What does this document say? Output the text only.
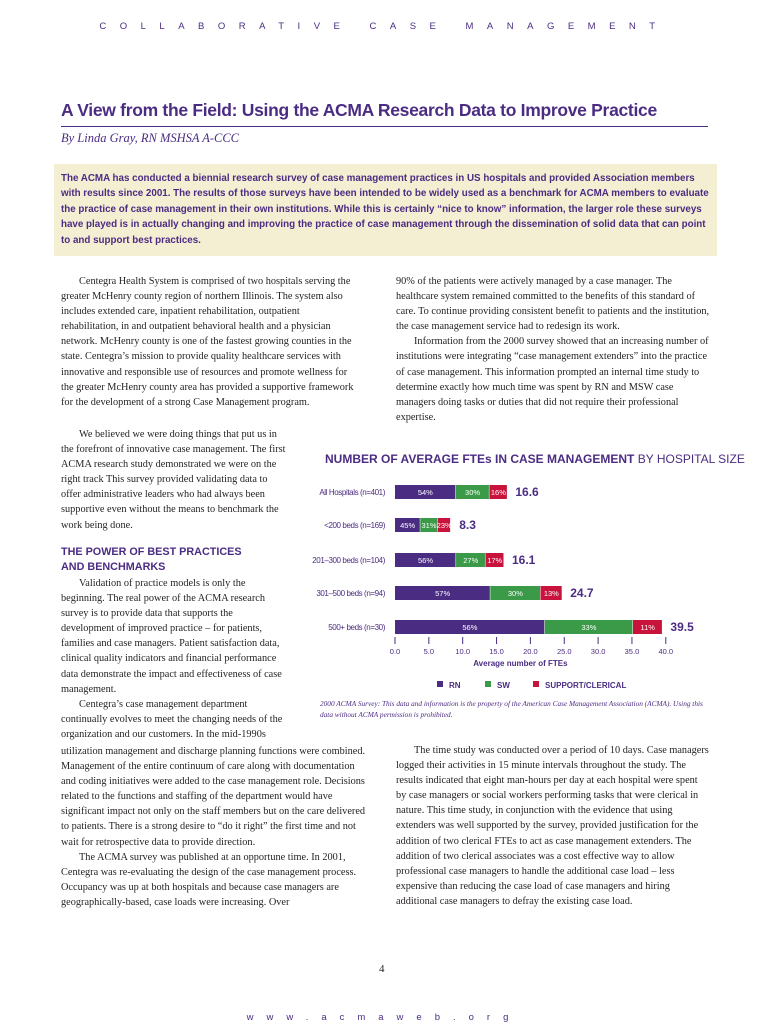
COLLABORATIVE CASE MANAGEMENT
A View from the Field: Using the ACMA Research Data to Improve Practice
By Linda Gray, RN MSHSA A-CCC
The ACMA has conducted a biennial research survey of case management practices in US hospitals and provided Association members with results since 2001. The results of those surveys have been intended to be widely used as a benchmark for ACMA members to evaluate the practice of case management in their own institutions. While this is certainly “nice to know” information, the larger role these surveys have played is in actually changing and improving the practice of case management through the dissemination of solid data that can point to and support best practices.

Centegra Health System is comprised of two hospitals serving the greater McHenry county region of northern Illinois. The system also includes extended care, inpatient rehabilitation, outpatient rehabilitation, in and outpatient behavioral health and a physician network. McHenry county is one of the fastest growing counties in the state. Centegra’s mission to provide quality healthcare services with innovative and responsible use of resources and promote wellness for the greater McHenry county area has provided a supportive framework for the development of a strong Case Management program.

We believed we were doing things that put us in the forefront of innovative case management. The first ACMA research study demonstrated we were on the right track This survey provided validating data to offer administrative leaders who had always been supportive even without the means to benchmark the work being done.

THE POWER OF BEST PRACTICES
AND BENCHMARKS

Validation of practice models is only the beginning. The real power of the ACMA research survey is to provide data that supports the development of improved practice – for patients, families and case managers. Patient satisfaction data, clinical quality indicators and financial performance data demonstrate the impact and effectiveness of case management.

Centegra’s case management department continually evolves to meet the changing needs of the organization and our customers. In the mid-1990s

utilization management and discharge planning functions were combined. Management of the entire continuum of care along with documentation and coding initiatives were added to the case management role. Decisions related to the functions and staffing of the department would have significant impact not only on the staff members but on the care delivered to patients. There is a strong desire to “do it right” the first time and not wait for retrospective data to provide direction.

The ACMA survey was published at an opportune time. In 2001, Centegra was re-evaluating the design of the case management process. Occupancy was up at both hospitals and because case managers are geographically-based, case loads were increasing. Over

90% of the patients were actively managed by a case manager. The healthcare system remained committed to the benefits of this standard of care. To continue providing consistent benefit to patients and the institution, the case management service had to redesign its work.

Information from the 2000 survey showed that an increasing number of institutions were integrating “case management extenders” into the practice of case management. This information prompted an internal time study to determine exactly how much time was spent by RN and MSW case managers doing tasks or duties that did not require their professional expertise.

The time study was conducted over a period of 10 days. Case managers logged their activities in 15 minute intervals throughout the study. The results indicated that eight man-hours per day at each hospital were spent by case managers or social workers performing tasks that were clerical in nature. This time study, in conjunction with the evidence that using extenders was well supported by the survey, provided justification for the addition of two clerical FTEs to act as case management extenders. The addition of two clerical associates was a cost effective way to allow professional case managers to handle the additional case load – less expensive than reducing the case load of case managers and hiring additional case managers to defray the existing case load.

NUMBER OF AVERAGE FTEs IN CASE MANAGEMENT BY HOSPITAL SIZE
All Hospitals (n=401)	54%	30% 16% 16.6
<200 beds (n=169) 45% 31% 23% 8.3
201–300 beds (n=104)	56%	27% 17% 16.1
301–500 beds (n=94)	57%	30%	13% 24.7
500+ beds (n=30)	56%	33%	11% 39.5
0.0	5.0	10.0	15.0	20.0	25.0	30.0	35.0	40.0
Average number of FTEs
RN	SW	SUPPORT/CLERICAL
2000 ACMA Survey: This data and information is the property of the American Case Management Association (ACMA). Using this data without ACMA permission is prohibited.
4
www.acmaweb.org
